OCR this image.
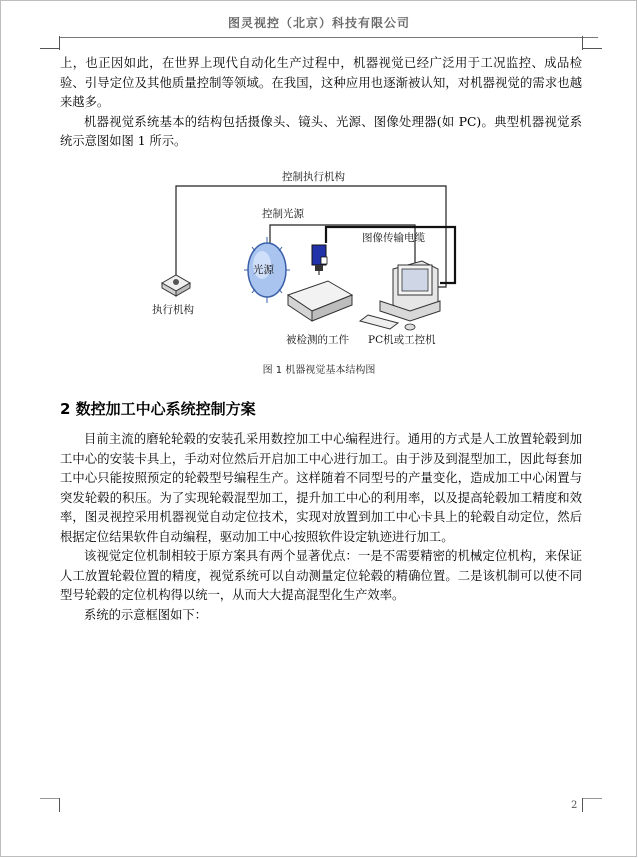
图灵视控（北京）科技有限公司

上，也正因如此，在世界上现代自动化生产过程中，机器视觉已经广泛用于工况监控、成品检验、引导定位及其他质量控制等领域。在我国，这种应用也逐渐被认知，对机器视觉的需求也越来越多。

机器视觉系统基本的结构包括摄像头、镜头、光源、图像处理器(如 PC)。典型机器视觉系统示意图如图 1 所示。

控制执行机构
控制光源
图像传输电缆
光源
被检测的工件
执行机构
PC机或工控机
图 1 机器视觉基本结构图
2 数控加工中心系统控制方案

目前主流的磨轮轮毂的安装孔采用数控加工中心编程进行。通用的方式是人工放置轮毂到加工中心的安装卡具上，手动对位然后开启加工中心进行加工。由于涉及到混型加工，因此每套加工中心只能按照预定的轮毂型号编程生产。这样随着不同型号的产量变化，造成加工中心闲置与突发轮毂的积压。为了实现轮毂混型加工，提升加工中心的利用率，以及提高轮毂加工精度和效率，图灵视控采用机器视觉自动定位技术，实现对放置到加工中心卡具上的轮毂自动定位，然后根据定位结果软件自动编程，驱动加工中心按照软件设定轨迹进行加工。

该视觉定位机制相较于原方案具有两个显著优点：一是不需要精密的机械定位机构，来保证人工放置轮毂位置的精度，视觉系统可以自动测量定位轮毂的精确位置。二是该机制可以使不同型号轮毂的定位机构得以统一，从而大大提高混型化生产效率。

系统的示意框图如下：

2
